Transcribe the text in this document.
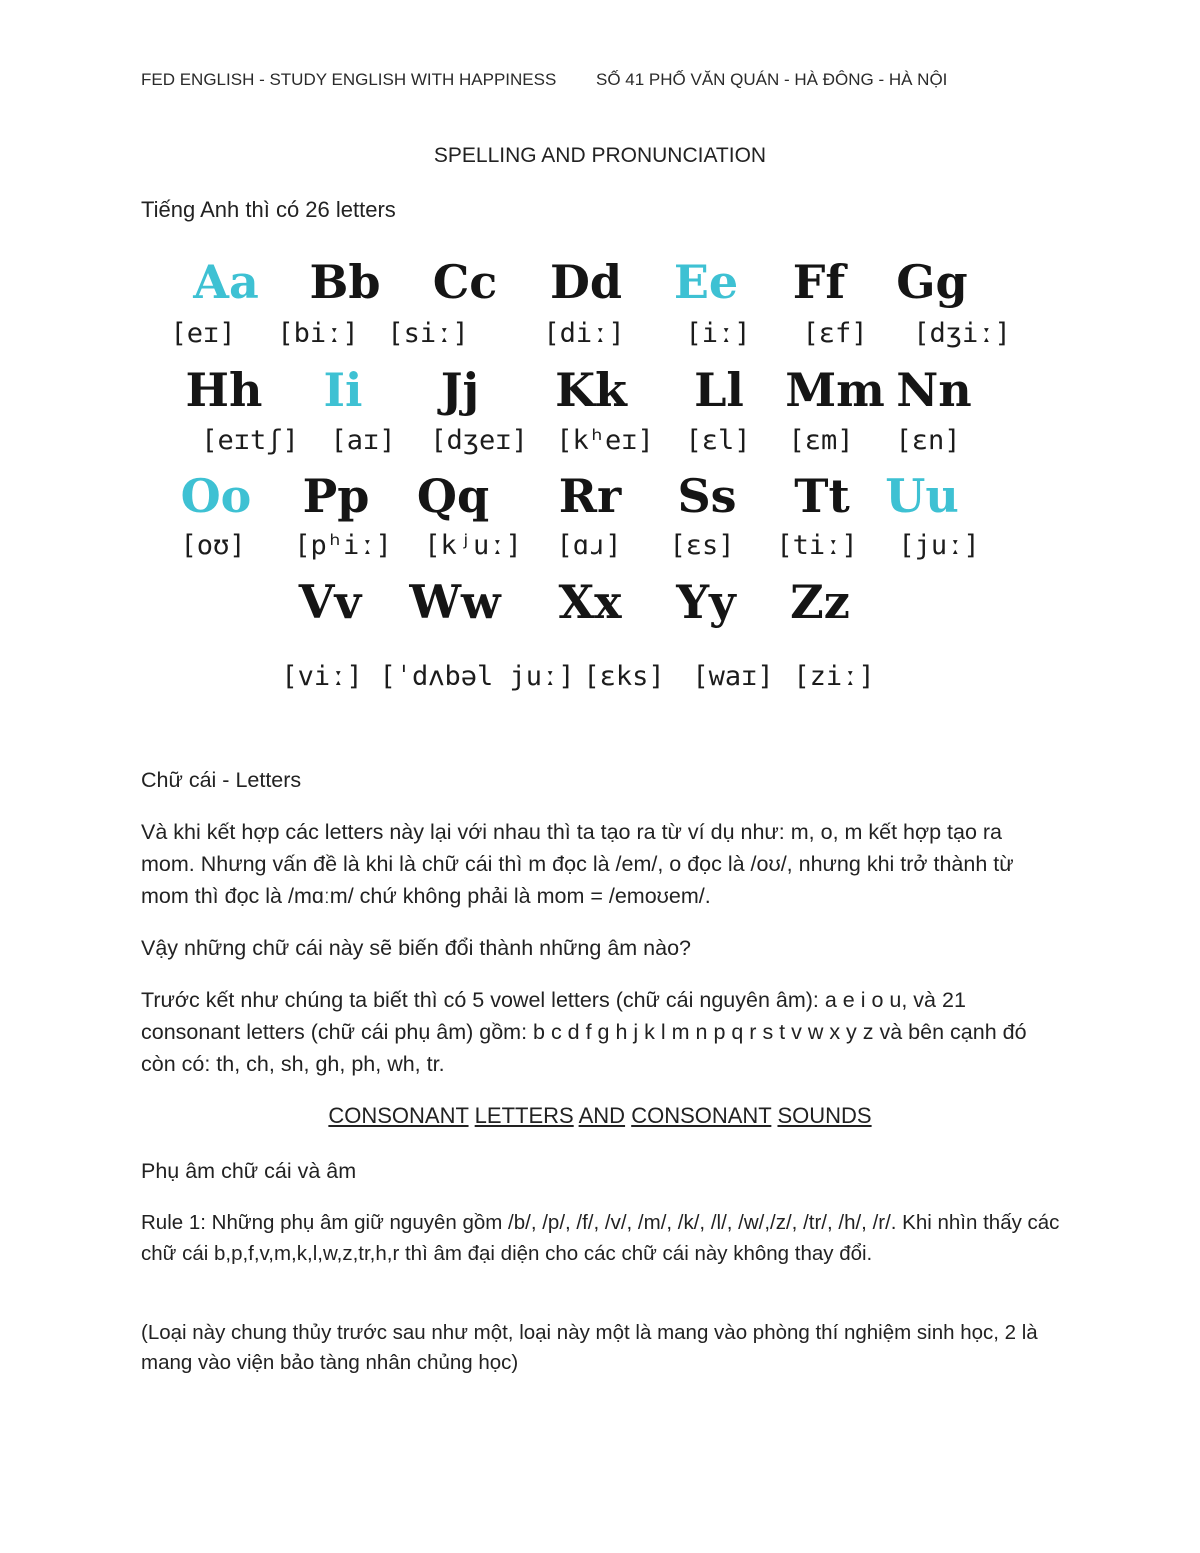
FED ENGLISH - STUDY ENGLISH WITH HAPPINESS SỐ 41 PHỐ VĂN QUÁN - HÀ ĐÔNG - HÀ NỘI
SPELLING AND PRONUNCIATION
Tiếng Anh thì có 26 letters
Aa	Bb	Cc	Dd	Ee	Ff	Gg
[eɪ] [biː] [siː]	[diː] [iː] [ɛf] [dʒiː]
Hh	Ii	Jj	Kk	Ll Mm Nn
[eɪtʃ] [aɪ] [dʒeɪ] [kʰeɪ] [ɛl] [ɛm] [ɛn]
Oo	Pp	Qq	Rr	Ss	Tt Uu
[oʊ] [pʰiː] [kʲuː] [ɑɹ] [ɛs] [tiː] [juː]
Vv	Ww	Xx	Yy	Zz
[viː] [ˈdʌbəl juː] [ɛks] [waɪ] [ziː]
Chữ cái - Letters
Và khi kết hợp các letters này lại với nhau thì ta tạo ra từ ví dụ như: m, o, m kết hợp tạo ra mom. Nhưng vấn đề là khi là chữ cái thì m đọc là /em/, o đọc là /oʊ/, nhưng khi trở thành từ mom thì đọc là /mɑːm/ chứ không phải là mom = /emoʊem/.
Vậy những chữ cái này sẽ biến đổi thành những âm nào?
Trước kết như chúng ta biết thì có 5 vowel letters (chữ cái nguyên âm): a e i o u, và 21 consonant letters (chữ cái phụ âm) gồm: b c d f g h j k l m n p q r s t v w x y z và bên cạnh đó còn có: th, ch, sh, gh, ph, wh, tr.
CONSONANT LETTERS AND CONSONANT SOUNDS
Phụ âm chữ cái và âm
Rule 1: Những phụ âm giữ nguyên gồm /b/, /p/, /f/, /v/, /m/, /k/, /l/, /w/,/z/, /tr/, /h/, /r/. Khi nhìn thấy các chữ cái b,p,f,v,m,k,l,w,z,tr,h,r thì âm đại diện cho các chữ cái này không thay đổi.
(Loại này chung thủy trước sau như một, loại này một là mang vào phòng thí nghiệm sinh học, 2 là mang vào viện bảo tàng nhân chủng học)
